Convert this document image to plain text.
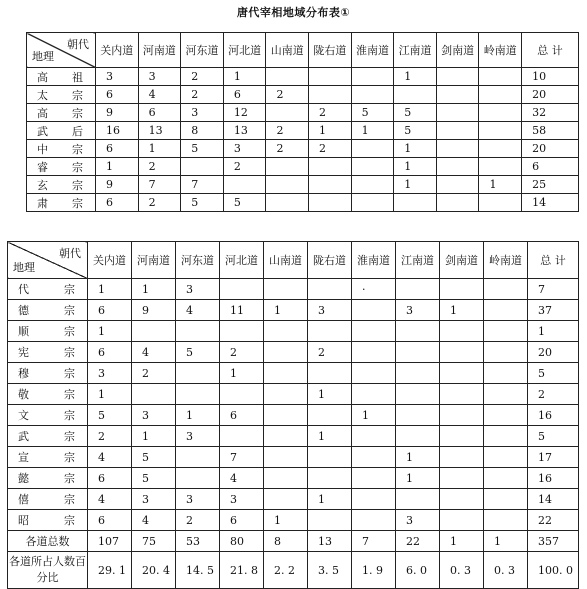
唐代宰相地域分布表①
朝代
地理	关内道	河南道	河东道	河北道	山南道	陇右道	淮南道	江南道	剑南道	岭南道	总 计

高 祖	3	3	2	1				1			10

太 宗	6	4	2	6	2						20

高 宗	9	6	3	12		2	5	5			32

武 后	16	13	8	13	2	1	1	5			58

中 宗	6	1	5	3	2	2		1			20

睿 宗	1	2		2				1			6

玄 宗	9	7	7					1		1	25

肃 宗	6	2	5	5							14
朝代
地理	关内道	河南道	河东道	河北道	山南道	陇右道	淮南道	江南道	剑南道	岭南道	总 计

代 宗	1	1	3				·				7

德 宗	6	9	4	11	1	3		3	1		37

顺 宗	1										1

宪 宗	6	4	5	2		2					20

穆 宗	3	2		1							5

敬 宗	1					1					2

文 宗	5	3	1	6			1				16

武 宗	2	1	3			1					5

宣 宗	4	5		7				1			17

懿 宗	6	5		4				1			16

僖 宗	4	3	3	3		1					14

昭 宗	6	4	2	6	1			3			22
各道总数	107	75	53	80	8	13	7	22	1	1	357
各道所占人数百分比	29. 1	20. 4	14. 5	21. 8	2. 2	3. 5	1. 9	6. 0	0. 3	0. 3	100. 0
